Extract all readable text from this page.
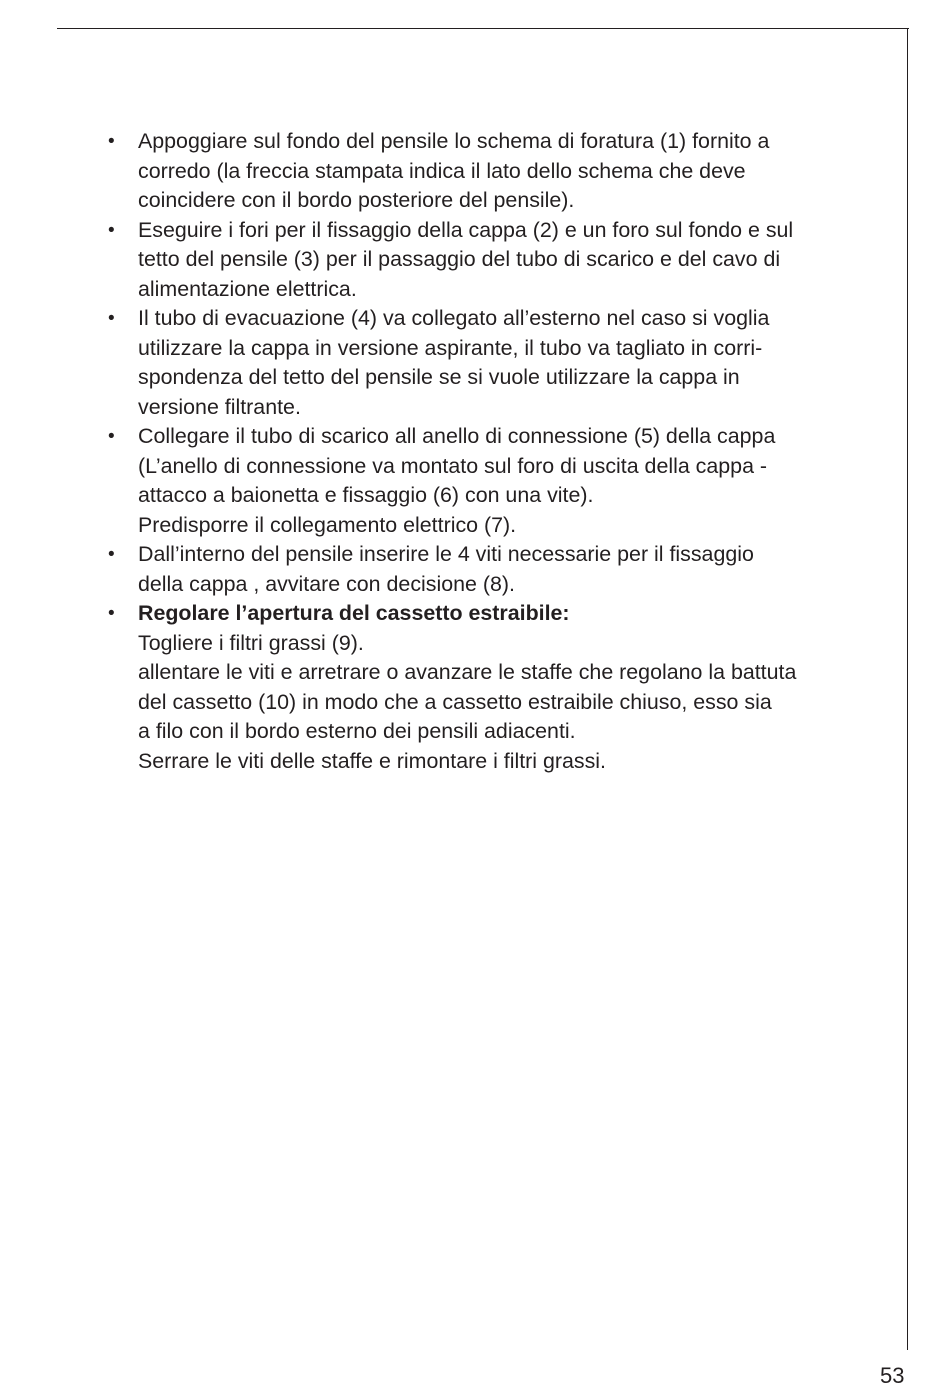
• Appoggiare sul fondo del pensile lo schema di foratura (1) fornito a
corredo (la freccia stampata indica il lato dello schema che deve
coincidere con il bordo posteriore del pensile).
• Eseguire i fori per il fissaggio della cappa (2) e un foro sul fondo e sul
tetto del pensile (3) per il passaggio del tubo di scarico e del cavo di
alimentazione elettrica.
• Il tubo di evacuazione (4) va collegato all’esterno nel caso si voglia
utilizzare la cappa in versione aspirante, il tubo va tagliato in corri-
spondenza del tetto del pensile se si vuole utilizzare la cappa in
versione filtrante.
• Collegare il tubo di scarico all anello di connessione (5) della cappa
(L’anello di connessione va montato sul foro di uscita della cappa -
attacco a baionetta e fissaggio (6) con una vite).
Predisporre il collegamento elettrico (7).
• Dall’interno del pensile inserire le 4 viti necessarie per il fissaggio
della cappa , avvitare con decisione (8).
• Regolare l’apertura del cassetto estraibile:
Togliere i filtri grassi (9).
allentare le viti e arretrare o avanzare le staffe che regolano la battuta
del cassetto (10) in modo che a cassetto estraibile chiuso, esso sia
a filo con il bordo esterno dei pensili adiacenti.
Serrare le viti delle staffe e rimontare i filtri grassi.
53
